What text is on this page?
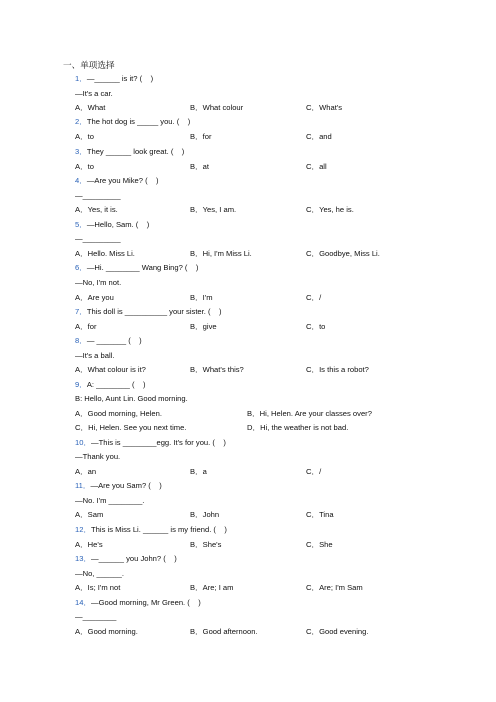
一、单项选择
1．—______ is it? (    )
—It's a car.
A．What	B．What colour	C．What's
2．The hot dog is _____ you. (    )
A．to	B．for	C．and
3．They ______ look great. (    )
A．to	B．at	C．all
4．—Are you Mike? (    )
—_________
A．Yes, it is.	B．Yes, I am.	C．Yes, he is.
5．—Hello, Sam. (    )
—_________
A．Hello. Miss Li.	B．Hi, I'm Miss Li.	C．Goodbye, Miss Li.
6．—Hi. ________ Wang Bing? (    )
—No, I'm not.
A．Are you	B．I'm	C．/
7．This doll is __________ your sister. (    )
A．for	B．give	C．to
8．— _______ (    )
—It's a ball.
A．What colour is it?	B．What's this?	C．Is this a robot?
9．A: ________ (    )
B: Hello, Aunt Lin. Good morning.
A．Good morning, Helen.	B．Hi, Helen. Are your classes over?
C．Hi, Helen. See you next time.	D．Hi, the weather is not bad.
10．—This is ________egg. It's for you. (    )
—Thank you.
A．an	B．a	C．/
11．—Are you Sam? (    )
—No. I'm ________.
A．Sam	B．John	C．Tina
12．This is Miss Li. ______ is my friend. (    )
A．He's	B．She's	C．She
13．—______ you John? (    )
—No, ______.
A．Is; I'm not	B．Are; I am	C．Are; I'm Sam
14．—Good morning, Mr Green. (    )
—________
A．Good morning.	B．Good afternoon.	C．Good evening.
